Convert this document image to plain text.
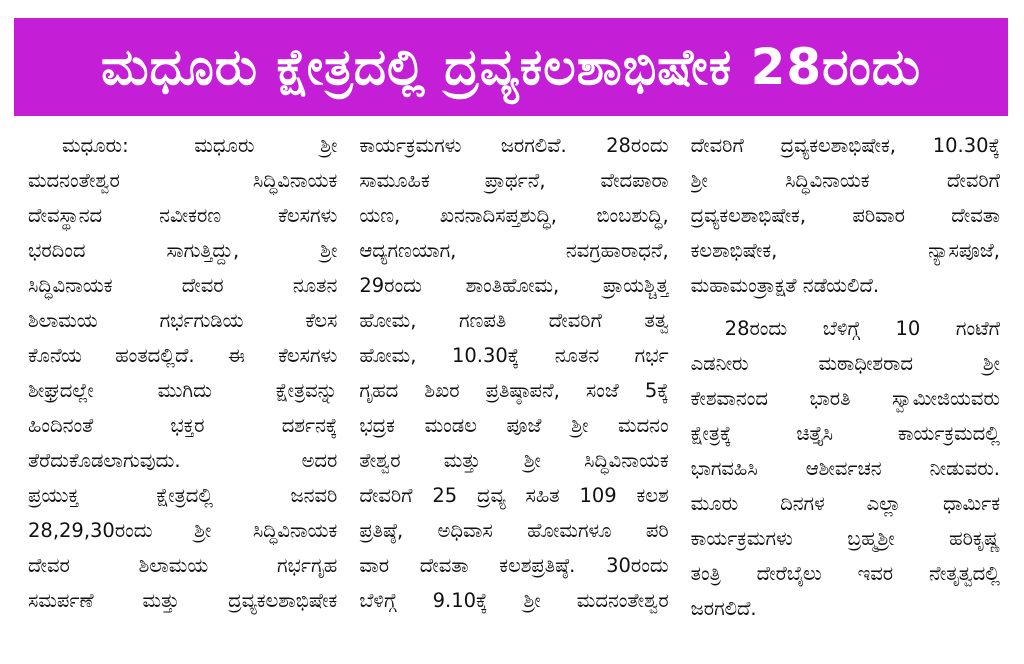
ಮಧೂರು ಕ್ಷೇತ್ರದಲ್ಲಿ ದ್ರವ್ಯಕಲಶಾಭಿಷೇಕ 28ರಂದು
ಮಧೂರು: ಮಧೂರು ಶ್ರೀ
ಮದನಂತೇಶ್ವರ ಸಿದ್ಧಿವಿನಾಯಕ
ದೇವಸ್ಥಾನದ ನವೀಕರಣ ಕೆಲಸಗಳು
ಭರದಿಂದ ಸಾಗುತ್ತಿದ್ದು, ಶ್ರೀ
ಸಿದ್ಧಿವಿನಾಯಕ ದೇವರ ನೂತನ
ಶಿಲಾಮಯ ಗರ್ಭಗುಡಿಯ ಕೆಲಸ
ಕೊನೆಯ ಹಂತದಲ್ಲಿದೆ. ಈ ಕೆಲಸಗಳು
ಶೀಘ್ರದಲ್ಲೇ ಮುಗಿದು ಕ್ಷೇತ್ರವನ್ನು
ಹಿಂದಿನಂತೆ ಭಕ್ತರ ದರ್ಶನಕ್ಕೆ
ತೆರೆದುಕೊಡಲಾಗುವುದು. ಅದರ
ಪ್ರಯುಕ್ತ ಕ್ಷೇತ್ರದಲ್ಲಿ ಜನವರಿ
28,29,30ರಂದು ಶ್ರೀ ಸಿದ್ಧಿವಿನಾಯಕ
ದೇವರ ಶಿಲಾಮಯ ಗರ್ಭಗೃಹ
ಸಮರ್ಪಣೆ ಮತ್ತು ದ್ರವ್ಯಕಲಶಾಭಿಷೇಕ
ಕಾರ್ಯಕ್ರಮಗಳು ಜರಗಲಿವೆ. 28ರಂದು
ಸಾಮೂಹಿಕ ಪ್ರಾರ್ಥನೆ, ವೇದಪಾರಾ
ಯಣ, ಖನನಾದಿಸಪ್ತಶುದ್ಧಿ, ಬಿಂಬಶುದ್ಧಿ,
ಆದ್ಯಗಣಯಾಗ, ನವಗ್ರಹಾರಾಧನೆ,
29ರಂದು ಶಾಂತಿಹೋಮ, ಪ್ರಾಯಶ್ಚಿತ್ತ
ಹೋಮ, ಗಣಪತಿ ದೇವರಿಗೆ ತತ್ವ
ಹೋಮ, 10.30ಕ್ಕೆ ನೂತನ ಗರ್ಭ
ಗೃಹದ ಶಿಖರ ಪ್ರತಿಷ್ಠಾಪನೆ, ಸಂಜೆ 5ಕ್ಕೆ
ಭದ್ರಕ ಮಂಡಲ ಪೂಜೆ ಶ್ರೀ ಮದನಂ
ತೇಶ್ವರ ಮತ್ತು ಶ್ರೀ ಸಿದ್ಧಿವಿನಾಯಕ
ದೇವರಿಗೆ 25 ದ್ರವ್ಯ ಸಹಿತ 109 ಕಲಶ
ಪ್ರತಿಷ್ಠೆ, ಅಧಿವಾಸ ಹೋಮಗಳೂ ಪರಿ
ವಾರ ದೇವತಾ ಕಲಶಪ್ರತಿಷ್ಠೆ. 30ರಂದು
ಬೆಳಿಗ್ಗೆ 9.10ಕ್ಕೆ ಶ್ರೀ ಮದನಂತೇಶ್ವರ
ದೇವರಿಗೆ ದ್ರವ್ಯಕಲಶಾಭಿಷೇಕ, 10.30ಕ್ಕೆ
ಶ್ರೀ ಸಿದ್ಧಿವಿನಾಯಕ ದೇವರಿಗೆ
ದ್ರವ್ಯಕಲಶಾಭಿಷೇಕ, ಪರಿವಾರ ದೇವತಾ
ಕಲಶಾಭಿಷೇಕ, ನ್ಯಾಸಪೂಜೆ,
ಮಹಾಮಂತ್ರಾಕ್ಷತೆ ನಡೆಯಲಿದೆ.
28ರಂದು ಬೆಳಿಗ್ಗೆ 10 ಗಂಟೆಗೆ
ಎಡನೀರು ಮಠಾಧೀಶರಾದ ಶ್ರೀ
ಕೇಶವಾನಂದ ಭಾರತಿ ಸ್ವಾಮೀಜಿಯವರು
ಕ್ಷೇತ್ರಕ್ಕೆ ಚಿತ್ತೈಸಿ ಕಾರ್ಯಕ್ರಮದಲ್ಲಿ
ಭಾಗವಹಿಸಿ ಆಶೀರ್ವಚನ ನೀಡುವರು.
ಮೂರು ದಿನಗಳ ಎಲ್ಲಾ ಧಾರ್ಮಿಕ
ಕಾರ್ಯಕ್ರಮಗಳು ಬ್ರಹ್ಮಶ್ರೀ ಹರಿಕೃಷ್ಣ
ತಂತ್ರಿ ದೇರೆಬೈಲು ಇವರ ನೇತೃತ್ವದಲ್ಲಿ
ಜರಗಲಿದೆ.
